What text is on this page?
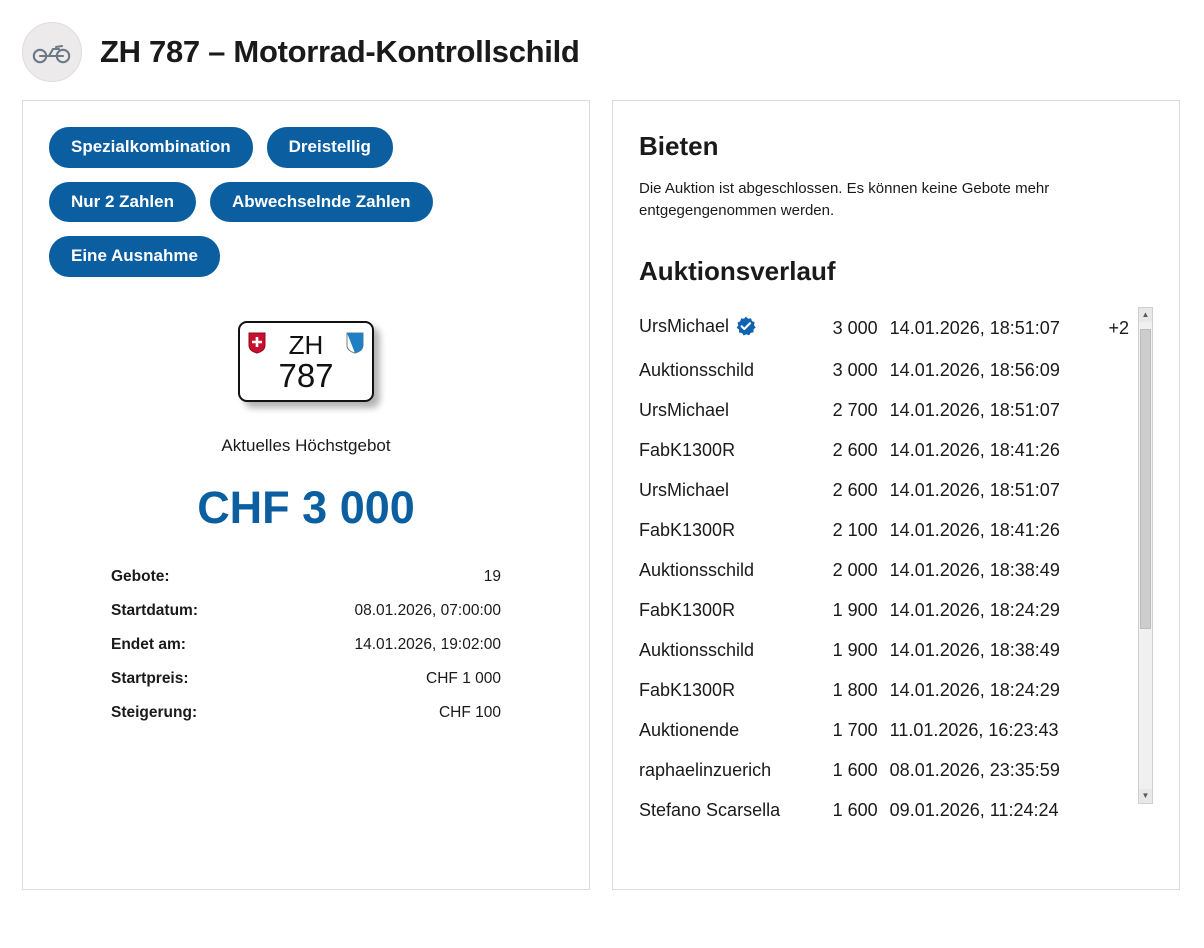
ZH 787 – Motorrad-Kontrollschild
Spezialkombination	Dreistellig
Nur 2 Zahlen	Abwechselnde Zahlen
Eine Ausnahme
ZH
787
Aktuelles Höchstgebot
CHF 3 000
Gebote:	19
Startdatum:	08.01.2026, 07:00:00
Endet am:	14.01.2026, 19:02:00
Startpreis:	CHF 1 000
Steigerung:	CHF 100
Bieten
Die Auktion ist abgeschlossen. Es können keine Gebote mehr entgegengenommen werden.
Auktionsverlauf
UrsMichael	3 000	14.01.2026, 18:51:07	+2
Auktionsschild	3 000	14.01.2026, 18:56:09	
UrsMichael	2 700	14.01.2026, 18:51:07	
FabK1300R	2 600	14.01.2026, 18:41:26	
UrsMichael	2 600	14.01.2026, 18:51:07	
FabK1300R	2 100	14.01.2026, 18:41:26	
Auktionsschild	2 000	14.01.2026, 18:38:49	
FabK1300R	1 900	14.01.2026, 18:24:29	
Auktionsschild	1 900	14.01.2026, 18:38:49	
FabK1300R	1 800	14.01.2026, 18:24:29	
Auktionende	1 700	11.01.2026, 16:23:43	
raphaelinzuerich	1 600	08.01.2026, 23:35:59	
Stefano Scarsella	1 600	09.01.2026, 11:24:24	
▲
▼
